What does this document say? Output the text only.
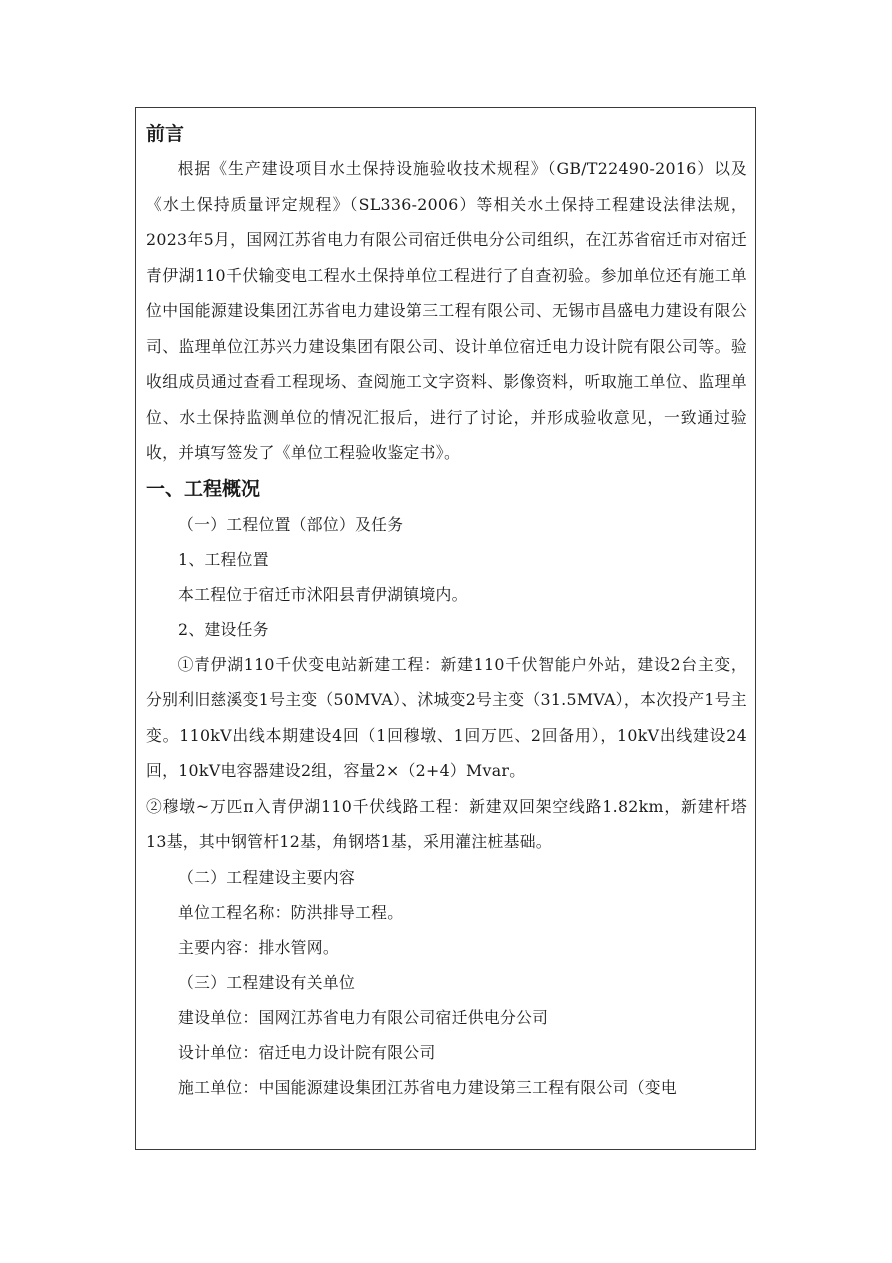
前言

根据《生产建设项目水土保持设施验收技术规程》（GB/T22490-2016）以及《水土保持质量评定规程》（SL336-2006）等相关水土保持工程建设法律法规，2023年5月，国网江苏省电力有限公司宿迁供电分公司组织，在江苏省宿迁市对宿迁青伊湖110千伏输变电工程水土保持单位工程进行了自查初验。参加单位还有施工单位中国能源建设集团江苏省电力建设第三工程有限公司、无锡市昌盛电力建设有限公司、监理单位江苏兴力建设集团有限公司、设计单位宿迁电力设计院有限公司等。验收组成员通过查看工程现场、查阅施工文字资料、影像资料，听取施工单位、监理单位、水土保持监测单位的情况汇报后，进行了讨论，并形成验收意见，一致通过验收，并填写签发了《单位工程验收鉴定书》。

一、工程概况

（一）工程位置（部位）及任务

1、工程位置

本工程位于宿迁市沭阳县青伊湖镇境内。

2、建设任务

①青伊湖110千伏变电站新建工程：新建110千伏智能户外站，建设2台主变，分别利旧慈溪变1号主变（50MVA）、沭城变2号主变（31.5MVA），本次投产1号主变。110kV出线本期建设4回（1回穆墩、1回万匹、2回备用），10kV出线建设24回，10kV电容器建设2组，容量2×（2+4）Mvar。

②穆墩~万匹π入青伊湖110千伏线路工程：新建双回架空线路1.82km，新建杆塔13基，其中钢管杆12基，角钢塔1基，采用灌注桩基础。

（二）工程建设主要内容

单位工程名称：防洪排导工程。

主要内容：排水管网。

（三）工程建设有关单位

建设单位：国网江苏省电力有限公司宿迁供电分公司

设计单位：宿迁电力设计院有限公司

施工单位：中国能源建设集团江苏省电力建设第三工程有限公司（变电
